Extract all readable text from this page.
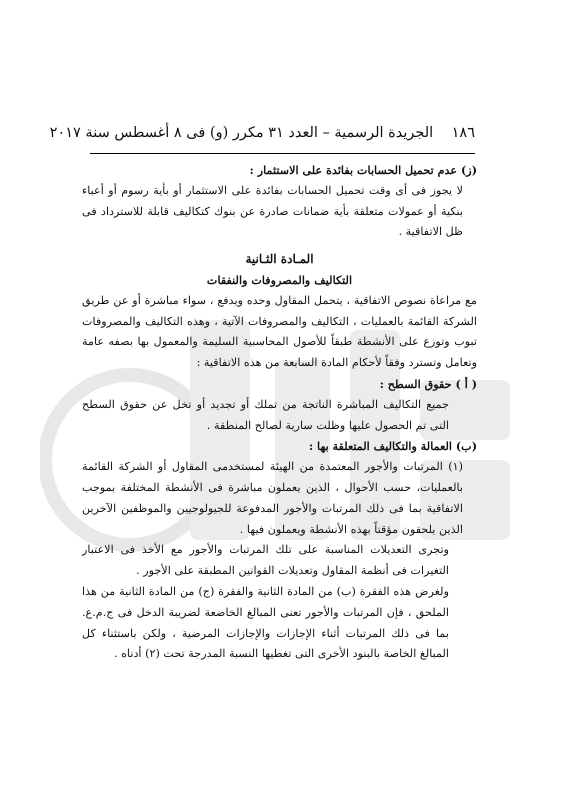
١٨٦    الجريدة الرسمية – العدد ٣١ مكرر (و) فى ٨ أغسطس سنة ٢٠١٧

(ز) عدم تحميل الحسابات بفائدة على الاستثمار :

لا يجوز فى أى وقت تحميل الحسابات بفائدة على الاستثمار أو بأية رسوم أو أعباء بنكية أو عمولات متعلقة بأية ضمانات صادرة عن بنوك كتكاليف قابلة للاسترداد فى ظل الاتفاقية .

المـادة الثـانية

التكاليف والمصروفات والنفقات

مع مراعاة نصوص الاتفاقية ، يتحمل المقاول وحده ويدفع ، سواء مباشرة أو عن طريق الشركة القائمة بالعمليات ، التكاليف والمصروفات الآتية ، وهذه التكاليف والمصروفات تبوب وتوزع على الأنشطة طبقاً للأصول المحاسبية السليمة والمعمول بها بصفه عامة وتعامل وتسترد وفقاً لأحكام المادة السابعة من هذه الاتفاقية :

( أ ) حقوق السطح :

جميع التكاليف المباشرة الناتجة من تملك أو تجديد أو تخل عن حقوق السطح التى تم الحصول عليها وظلت سارية لصالح المنطقة .

(ب) العمالة والتكاليف المتعلقة بها :

(١) المرتبات والأجور المعتمدة من الهيئة لمستخدمى المقاول أو الشركة القائمة بالعمليات، حسب الأحوال ، الذين يعملون مباشرة فى الأنشطة المختلفة بموجب الاتفاقية بما فى ذلك المرتبات والأجور المدفوعة للجيولوجيين والموظفين الآخرين الذين يلحقون مؤقتاً بهذه الأنشطة ويعملون فيها .

وتجرى التعديلات المناسبة على تلك المرتبات والأجور مع الأخذ فى الاعتبار التغيرات فى أنظمة المقاول وتعديلات القوانين المطبقة على الأجور .

ولغرض هذه الفقرة (ب) من المادة الثانية والفقرة (ج) من المادة الثانية من هذا الملحق ، فإن المرتبات والأجور تعنى المبالغ الخاضعة لضريبة الدخل فى ج.م.ع. بما فى ذلك المرتبات أثناء الإجازات والإجازات المرضية ، ولكن باستثناء كل المبالغ الخاصة بالبنود الأخرى التى تغطيها النسبة المدرجة تحت (٢) أدناه .
